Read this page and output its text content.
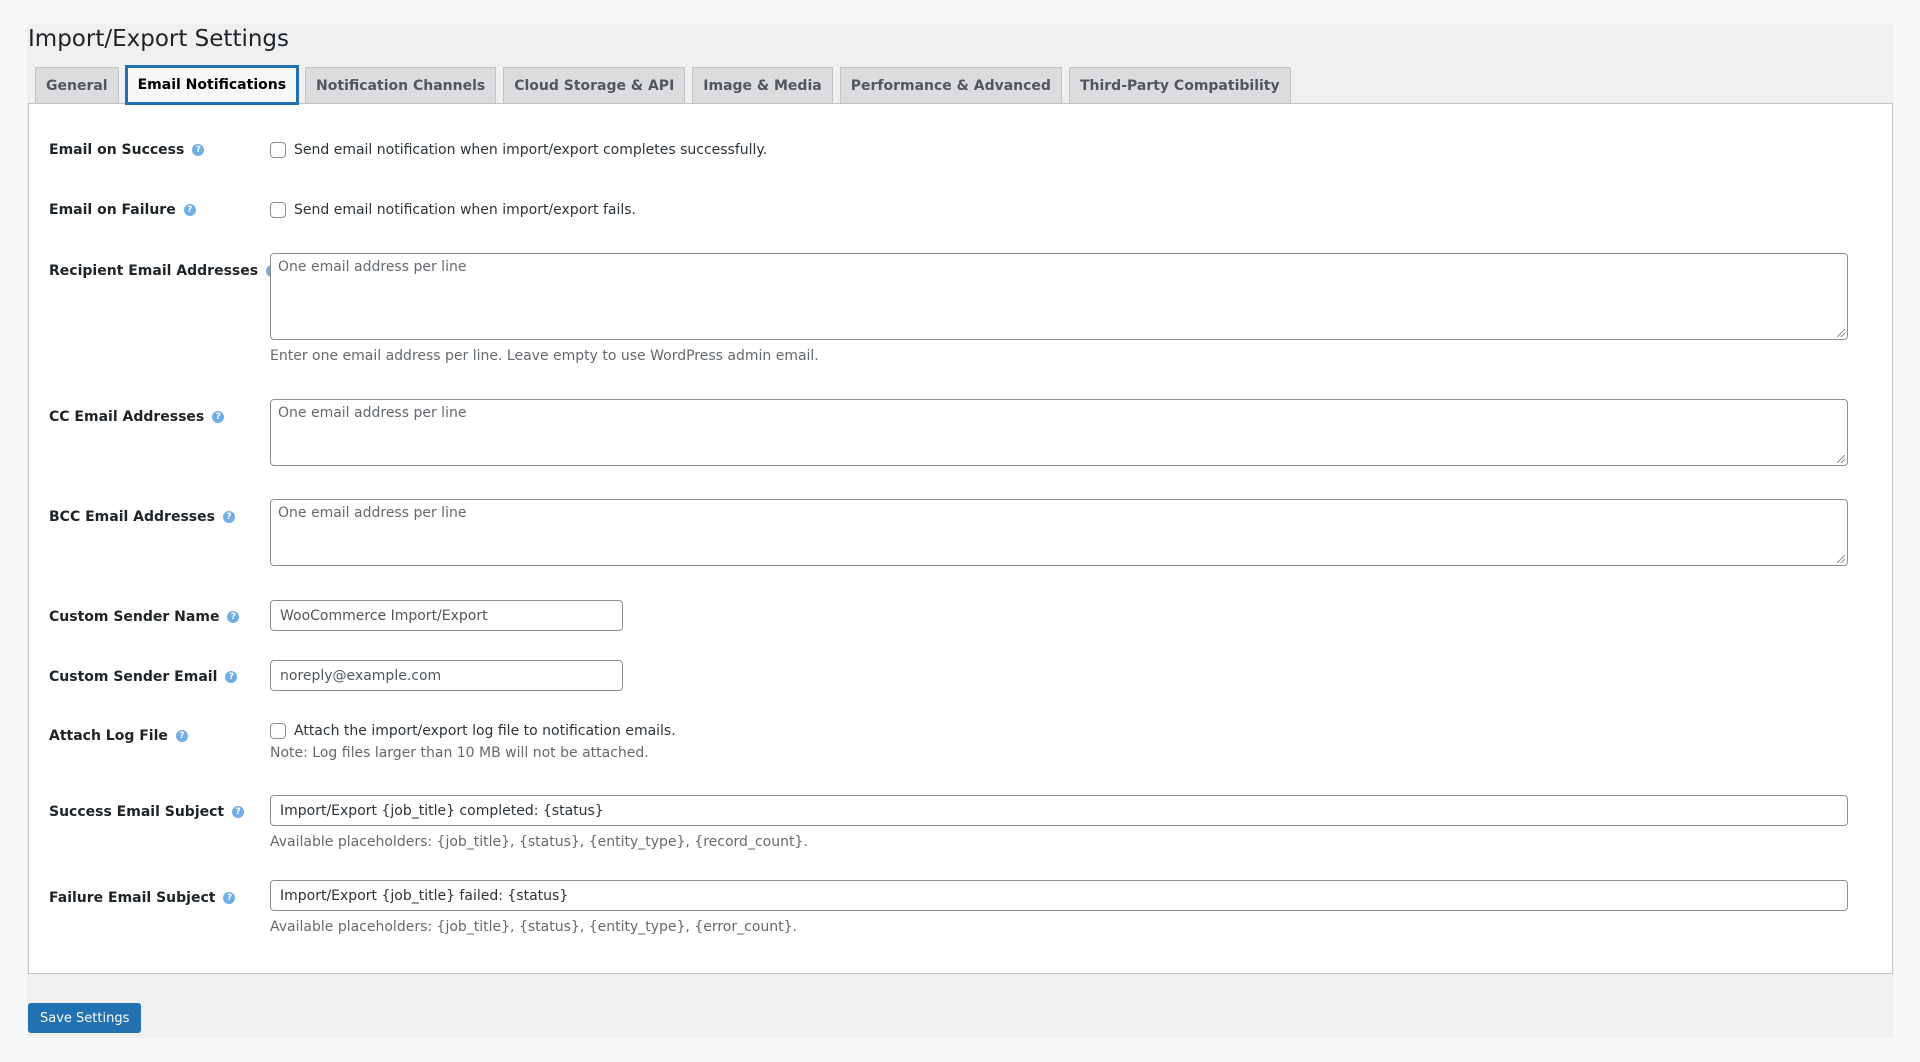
Import/Export Settings
General	Email Notifications	Notification Channels	Cloud Storage & API	Image & Media	Performance & Advanced	Third-Party Compatibility
Email on Success	?	Send email notification when import/export completes successfully.
Email on Failure	?	Send email notification when import/export fails.
Recipient Email Addresses	One email address per line
Enter one email address per line. Leave empty to use WordPress admin email.
CC Email Addresses	?	One email address per line
BCC Email Addresses	?	One email address per line
Custom Sender Name	?	WooCommerce Import/Export
Custom Sender Email	?	noreply@example.com
Attach Log File	?	Attach the import/export log file to notification emails.
Note: Log files larger than 10 MB will not be attached.
Success Email Subject	?	Import/Export {job_title} completed: {status}
Available placeholders: {job_title}, {status}, {entity_type}, {record_count}.
Failure Email Subject	?	Import/Export {job_title} failed: {status}
Available placeholders: {job_title}, {status}, {entity_type}, {error_count}.
Save Settings
